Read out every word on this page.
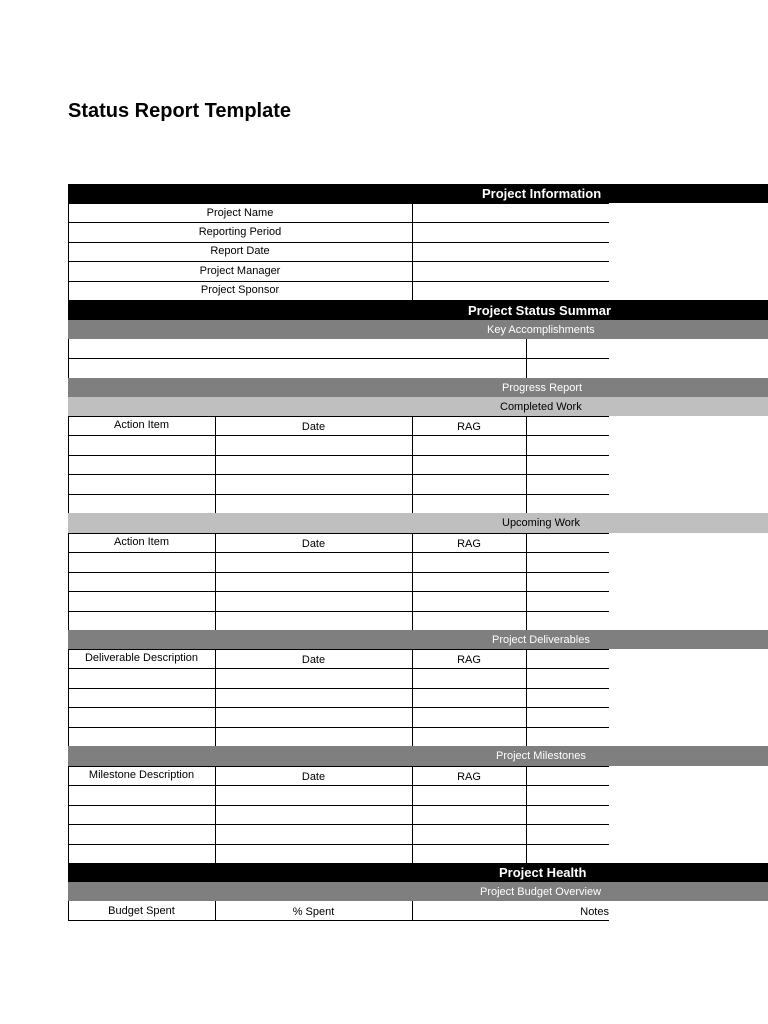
Status Report Template
Project Information
Project Name
Reporting Period
Report Date
Project Manager
Project Sponsor
Project Status Summar
Key Accomplishments
Progress Report
Completed Work
Action Item	Date	RAG
Upcoming Work
Action Item	Date	RAG
Project Deliverables
Deliverable Description	Date	RAG
Project Milestones
Milestone Description	Date	RAG
Project Health
Project Budget Overview
Budget Spent	% Spent	Notes
